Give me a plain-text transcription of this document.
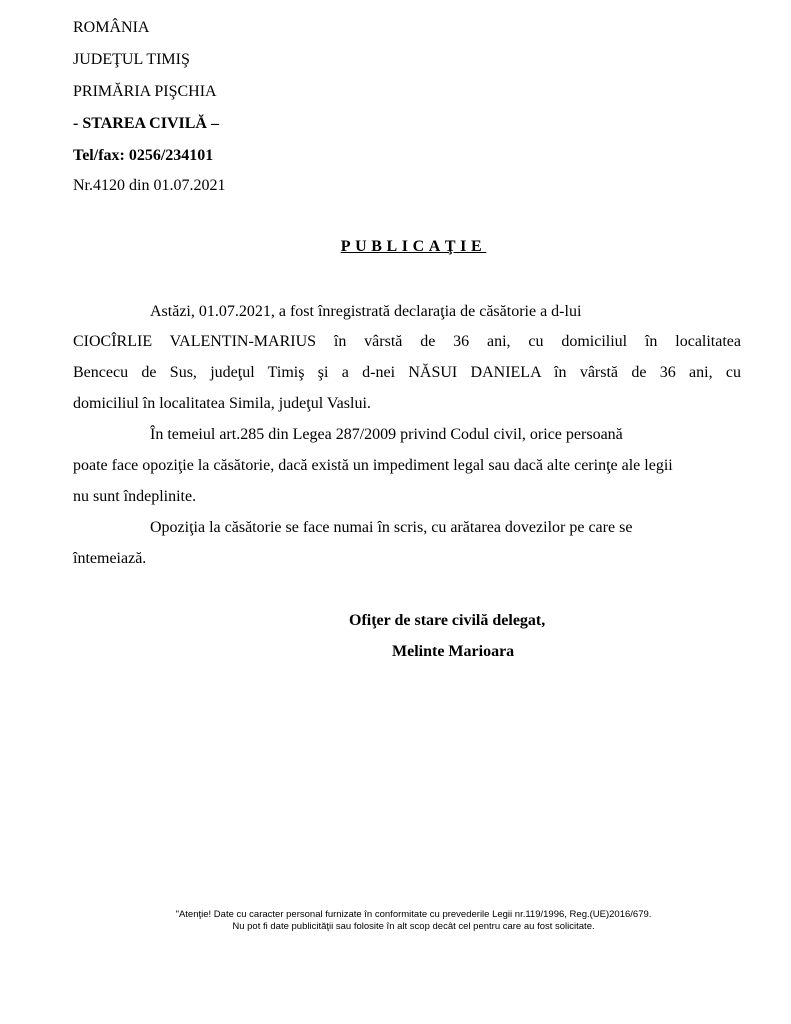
ROMÂNIA
JUDEŢUL TIMIŞ
PRIMĂRIA PIŞCHIA
- STAREA CIVILĂ –
Tel/fax: 0256/234101
Nr.4120 din 01.07.2021
PUBLICAŢIE
Astăzi, 01.07.2021, a fost înregistrată declaraţia de căsătorie a d-lui
CIOCÎRLIE VALENTIN-MARIUS în vârstă de 36 ani, cu domiciliul în localitatea
Bencecu de Sus, judeţul Timiş şi a d-nei NĂSUI DANIELA în vârstă de 36 ani, cu
domiciliul în localitatea Simila, judeţul Vaslui.
În temeiul art.285 din Legea 287/2009 privind Codul civil, orice persoană
poate face opoziţie la căsătorie, dacă există un impediment legal sau dacă alte cerinţe ale legii
nu sunt îndeplinite.
Opoziţia la căsătorie se face numai în scris, cu arătarea dovezilor pe care se
întemeiază.
Ofiţer de stare civilă delegat,
Melinte Marioara
"Atenţie! Date cu caracter personal furnizate în conformitate cu prevederile Legii nr.119/1996, Reg.(UE)2016/679.
Nu pot fi date publicităţii sau folosite în alt scop decât cel pentru care au fost solicitate.
